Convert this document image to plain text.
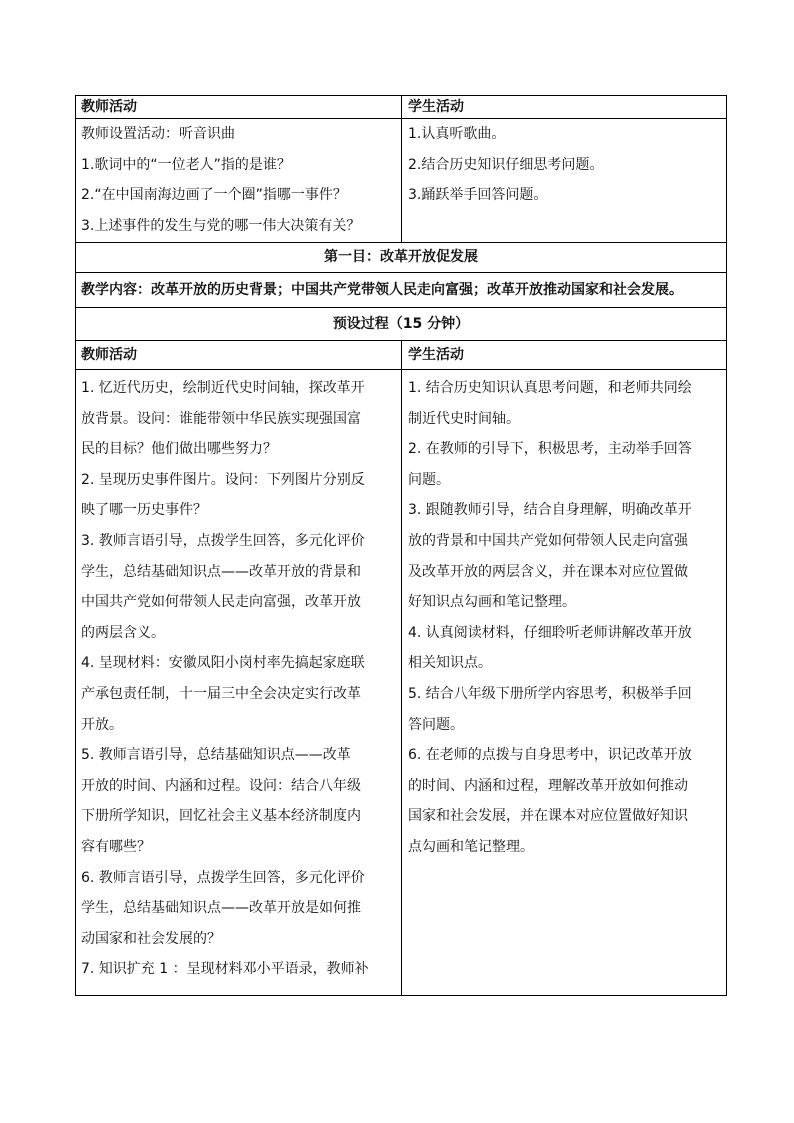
教师活动	学生活动
教师设置活动：听音识曲
1.歌词中的“一位老人”指的是谁？
2.“在中国南海边画了一个圈”指哪一事件？
3.上述事件的发生与党的哪一伟大决策有关？
1.认真听歌曲。
2.结合历史知识仔细思考问题。
3.踊跃举手回答问题。
第一目：改革开放促发展
教学内容：改革开放的历史背景；中国共产党带领人民走向富强；改革开放推动国家和社会发展。
预设过程（15 分钟）
教师活动	学生活动
1. 忆近代历史，绘制近代史时间轴，探改革开
放背景。设问：谁能带领中华民族实现强国富
民的目标？他们做出哪些努力？
2. 呈现历史事件图片。设问：下列图片分别反
映了哪一历史事件？
3. 教师言语引导，点拨学生回答，多元化评价
学生，总结基础知识点——改革开放的背景和
中国共产党如何带领人民走向富强，改革开放
的两层含义。
4. 呈现材料：安徽凤阳小岗村率先搞起家庭联
产承包责任制，十一届三中全会决定实行改革
开放。
5. 教师言语引导，总结基础知识点——改革
开放的时间、内涵和过程。设问：结合八年级
下册所学知识，回忆社会主义基本经济制度内
容有哪些？
6. 教师言语引导，点拨学生回答，多元化评价
学生，总结基础知识点——改革开放是如何推
动国家和社会发展的？
7. 知识扩充 1 ：呈现材料邓小平语录，教师补
1. 结合历史知识认真思考问题，和老师共同绘
制近代史时间轴。
2. 在教师的引导下，积极思考，主动举手回答
问题。
3. 跟随教师引导，结合自身理解，明确改革开
放的背景和中国共产党如何带领人民走向富强
及改革开放的两层含义，并在课本对应位置做
好知识点勾画和笔记整理。
4. 认真阅读材料，仔细聆听老师讲解改革开放
相关知识点。
5. 结合八年级下册所学内容思考，积极举手回
答问题。
6. 在老师的点拨与自身思考中，识记改革开放
的时间、内涵和过程，理解改革开放如何推动
国家和社会发展，并在课本对应位置做好知识
点勾画和笔记整理。
